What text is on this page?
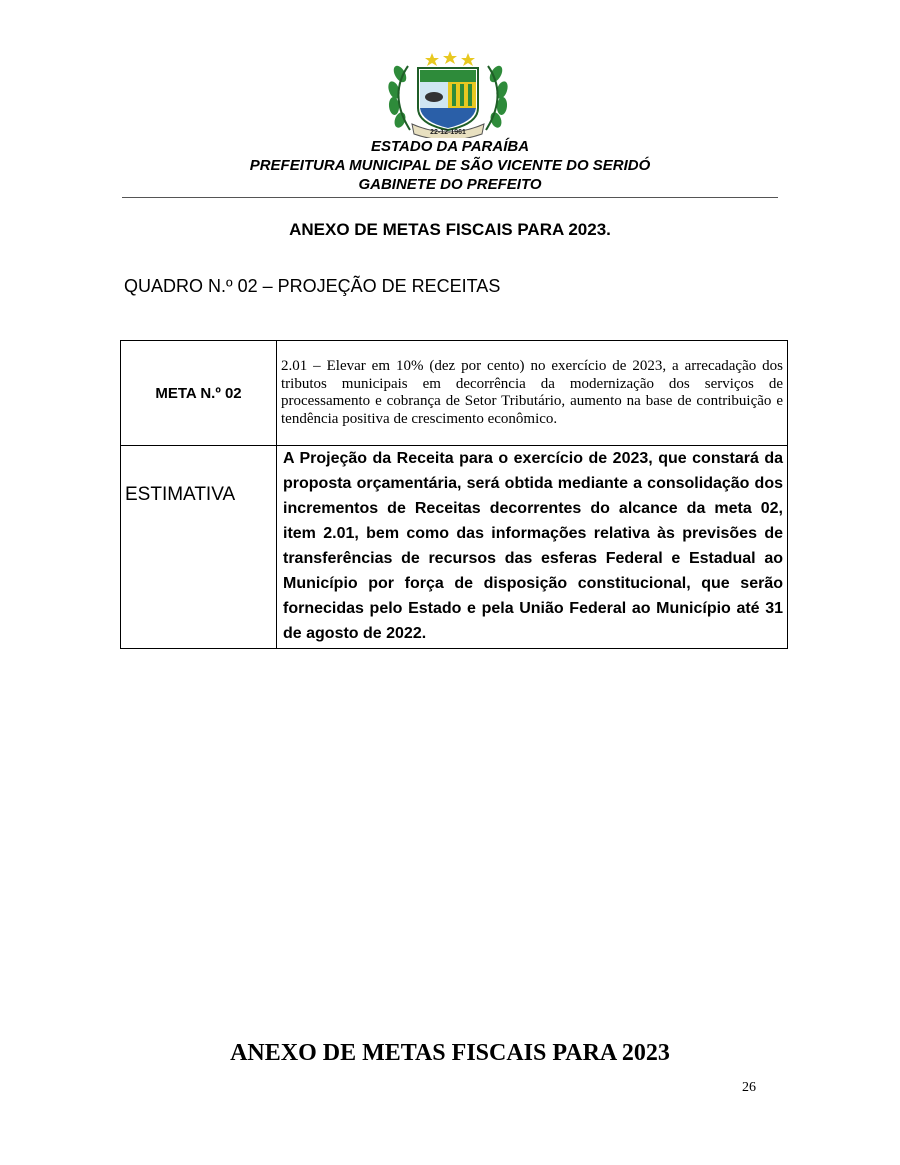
22-12-1961
ESTADO DA PARAÍBA
PREFEITURA MUNICIPAL DE SÃO VICENTE DO SERIDÓ
GABINETE DO PREFEITO
ANEXO DE METAS FISCAIS PARA 2023.
QUADRO N.º 02 – PROJEÇÃO DE RECEITAS
META N.º 02	2.01 – Elevar em 10% (dez por cento) no exercício de 2023, a arrecadação dos tributos municipais em decorrência da modernização dos serviços de processamento e cobrança de Setor Tributário, aumento na base de contribuição e tendência positiva de crescimento econômico.

ESTIMATIVA	A Projeção da Receita para o exercício de 2023, que constará da proposta orçamentária, será obtida mediante a consolidação dos incrementos de Receitas decorrentes do alcance da meta 02, item 2.01, bem como das informações relativa às previsões de transferências de recursos das esferas Federal e Estadual ao Município por força de disposição constitucional, que serão fornecidas pelo Estado e pela União Federal ao Município até 31 de agosto de 2022.
ANEXO DE METAS FISCAIS PARA 2023
26
